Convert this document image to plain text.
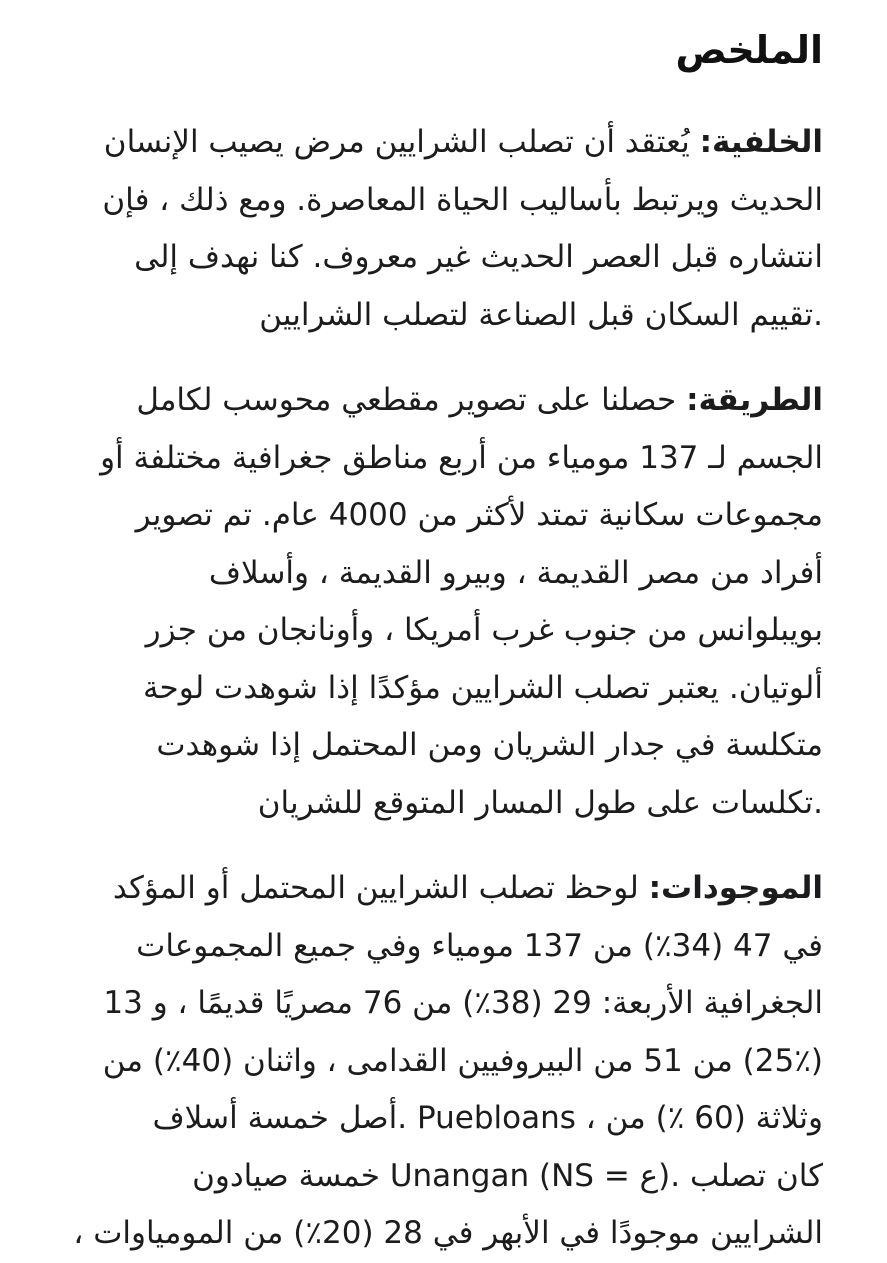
الملخص
الخلفية: يُعتقد أن تصلب الشرايين مرض يصيب الإنسان
الحديث ويرتبط بأساليب الحياة المعاصرة. ومع ذلك ، فإن
انتشاره قبل العصر الحديث غير معروف. كنا نهدف إلى
.تقييم السكان قبل الصناعة لتصلب الشرايين
الطريقة: حصلنا على تصوير مقطعي محوسب لكامل
الجسم لـ 137 مومياء من أربع مناطق جغرافية مختلفة أو
مجموعات سكانية تمتد لأكثر من 4000 عام. تم تصوير
أفراد من مصر القديمة ، وبيرو القديمة ، وأسلاف
بويبلوانس من جنوب غرب أمريكا ، وأونانجان من جزر
ألوتيان. يعتبر تصلب الشرايين مؤكدًا إذا شوهدت لوحة
متكلسة في جدار الشريان ومن المحتمل إذا شوهدت
.تكلسات على طول المسار المتوقع للشريان
الموجودات: لوحظ تصلب الشرايين المحتمل أو المؤكد
في 47 (34٪) من 137 مومياء وفي جميع المجموعات
الجغرافية الأربعة: 29 (38٪) من 76 مصريًا قديمًا ، و 13
(25٪) من 51 من البيروفيين القدامى ، واثنان (40٪) من
وثلاثة (60 ٪) من ، Puebloans .أصل خمسة أسلاف
كان تصلب .(ع = NS) Unangan خمسة صيادون
الشرايين موجودًا في الأبهر في 28 (20٪) من المومياوات ،
